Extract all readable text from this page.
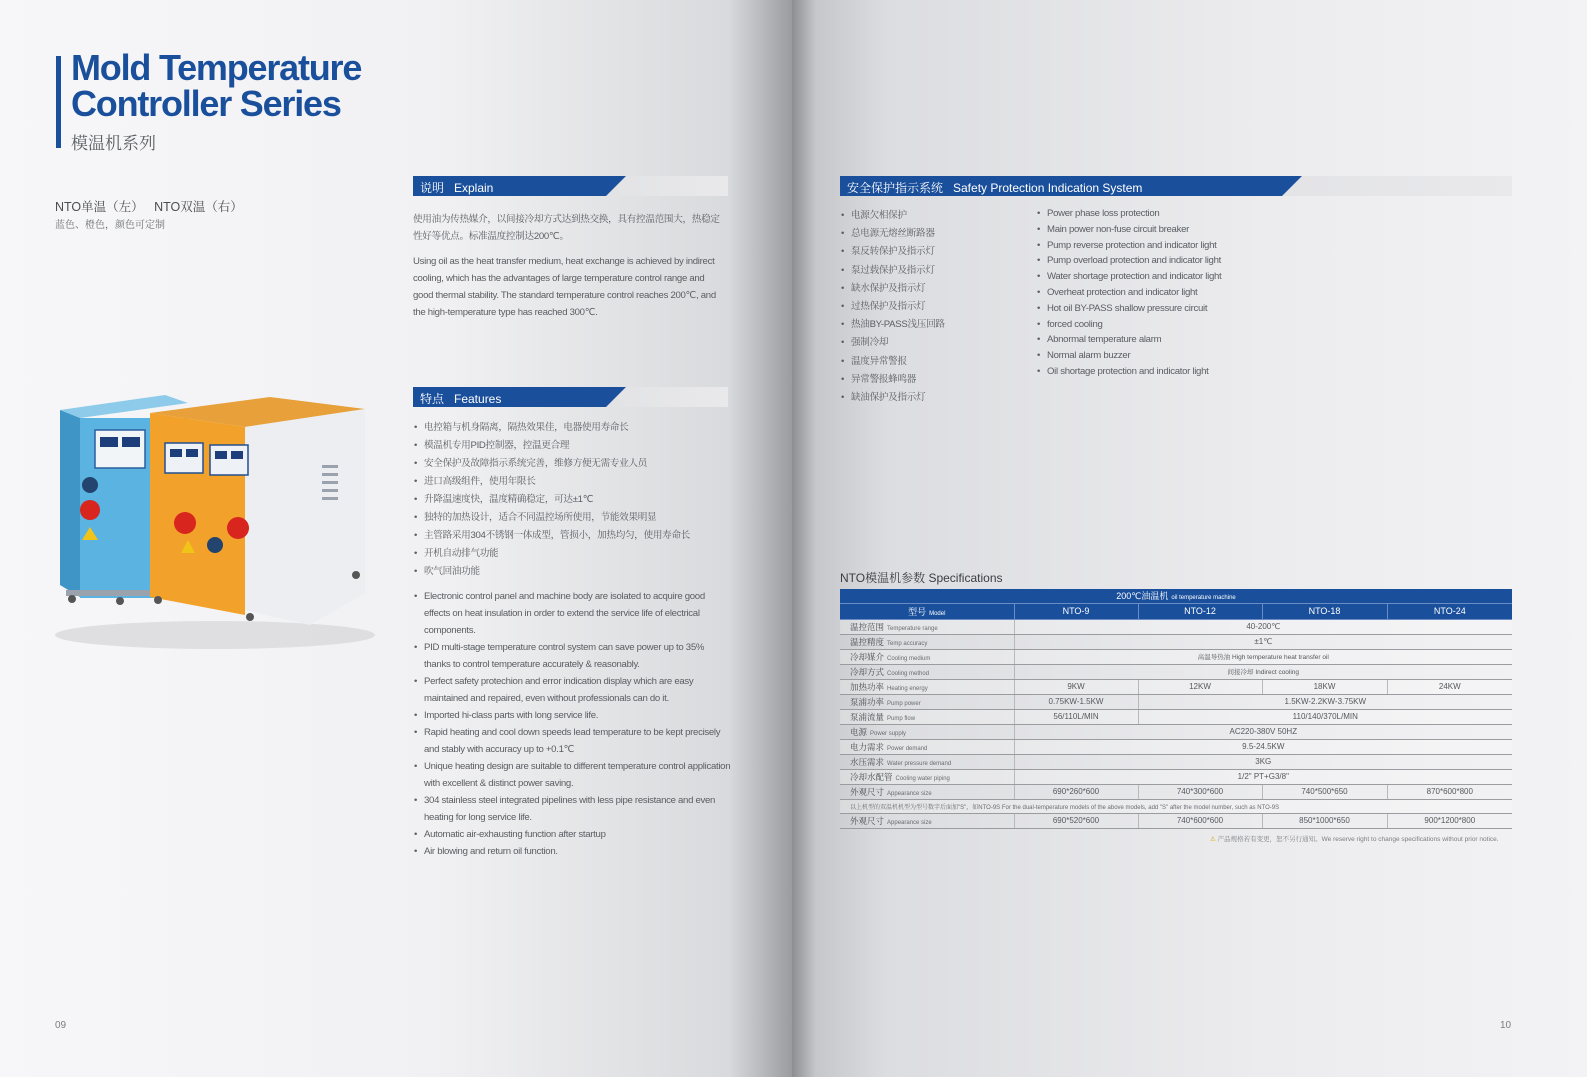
Mold Temperature
Controller Series
模温机系列
NTO单温（左）   NTO双温（右）
蓝色、橙色，颜色可定制
说明   Explain
使用油为传热媒介，以间接冷却方式达到热交换，具有控温范围大，热稳定性好等优点。标准温度控制达200℃。
Using oil as the heat transfer medium, heat exchange is achieved by indirect cooling, which has the advantages of large temperature control range and good thermal stability. The standard temperature control reaches 200℃, and the high-temperature type has reached 300℃.
特点   Features
• 电控箱与机身隔离，隔热效果佳，电器使用寿命长
• 模温机专用PID控制器，控温更合理
• 安全保护及故障指示系统完善，维修方便无需专业人员
• 进口高级组件，使用年限长
• 升降温速度快，温度精确稳定，可达±1℃
• 独特的加热设计，适合不同温控场所使用，节能效果明显
• 主管路采用304不锈钢一体成型，管损小，加热均匀，使用寿命长
• 开机自动排气功能
• 吹气回油功能
• Electronic control panel and machine body are isolated to acquire good effects on heat insulation in order to extend the service life of electrical components.
• PID multi-stage temperature control system can save power up to 35% thanks to control temperature accurately & reasonably.
• Perfect safety protechion and error indication display which are easy maintained and repaired, even without professionals can do it.
• Imported hi-class parts with long service life.
• Rapid heating and cool down speeds lead temperature to be kept precisely and stably with accuracy up to +0.1℃
• Unique heating design are suitable to different temperature control application with excellent & distinct power saving.
• 304 stainless steel integrated pipelines with less pipe resistance and even heating for long service life.
• Automatic air-exhausting function after startup
• Air blowing and return oil function.
09
安全保护指示系统   Safety Protection Indication System
• 电源欠相保护
• 总电源无熔丝断路器
• 泵反转保护及指示灯
• 泵过载保护及指示灯
• 缺水保护及指示灯
• 过热保护及指示灯
• 热油BY-PASS浅压回路
• 强制冷却
• 温度异常警报
• 异常警报蜂鸣器
• 缺油保护及指示灯
• Power phase loss protection
• Main power non-fuse circuit breaker
• Pump reverse protection and indicator light
• Pump overload protection and indicator light
• Water shortage protection and indicator light
• Overheat protection and indicator light
• Hot oil BY-PASS shallow pressure circuit
• forced cooling
• Abnormal temperature alarm
• Normal alarm buzzer
• Oil shortage protection and indicator light
NTO模温机参数 Specifications
200℃油温机 oil temperature machine				
型号 Model	NTO-9	NTO-12	NTO-18	NTO-24
温控范围 Temperature range	40-200℃			
温控精度 Temp accuracy	±1℃			
冷却媒介 Cooling medium	高温导热油 High temperature heat transfer oil			
冷却方式 Cooling method	间接冷却 Indirect cooling			
加热功率 Heating energy	9KW	12KW	18KW	24KW
泵浦功率 Pump power	0.75KW-1.5KW	1.5KW-2.2KW-3.75KW		
泵浦流量 Pump flow	56/110L/MIN	110/140/370L/MIN		
电源 Power supply	AC220-380V 50HZ			
电力需求 Power demand	9.5-24.5KW			
水压需求 Water pressure demand	3KG			
冷却水配管 Cooling water piping	1/2" PT+G3/8"			
外观尺寸 Appearance size	690*260*600	740*300*600	740*500*650	870*600*800
以上机型的双温机机型为型号数字后面加"S"，如NTO-9S For the dual-temperature models of the above models, add "S" after the model number, such as NTO-9S				
外观尺寸 Appearance size	690*520*600	740*600*600	850*1000*650	900*1200*800
⚠ 产品规格若有变更，恕不另行通知。We reserve right to change specifications without prior notice.
10
